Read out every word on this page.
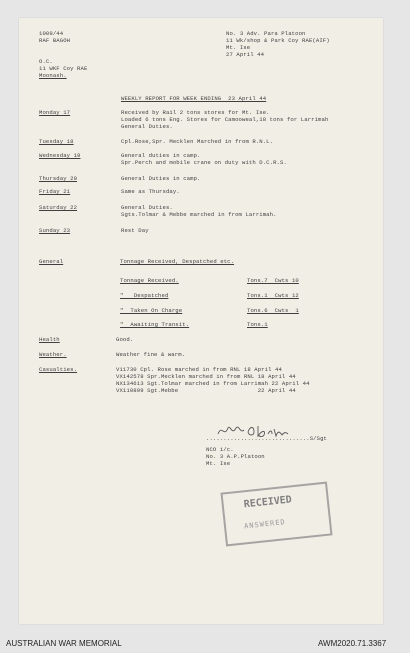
1009/44
RAF BAGOH
O.C.
11 WKF Coy RAE
Moonash.
No. 3 Adv. Para Platoon
11 Wk/shop & Park Coy RAE(AIF)
Mt. Ise
27 April 44
WEEKLY REPORT FOR WEEK ENDING  23 April 44
Monday 17	Received by Rail 2 tons stores for Mt. Ise.
Loaded 6 tons Eng. Stores for Camooweal,18 tons for Larrimah
General Duties.
Tuesday 18	Cpl.Rose,Spr. Mecklen Marched in from R.N.L.
Wednesday 19	General duties in camp.
Spr.Perch and mobile crane on duty with D.C.R.S.
Thursday 20	General Duties in camp.
Friday 21	Same as Thursday.
Saturday 22	General Duties.
Sgts.Tolmar & Mebbe marched in from Larrimah.
Sunday 23	Rest Day
General	Tonnage Received, Despatched etc.
Tonnage Received.	Tons.7  Cwts 10
"   Despatched	Tons.1  Cwts 12
"  Taken On Charge	Tons.6  Cwts  1
"  Awaiting Transit.	Tons.1
Health	Good.
Weather.	Weather fine & warm.
Casualties.	V11730 Cpl. Rose marched in from RNL 18 April 44
VX142578 Spr.Mecklen marched in from RNL 18 April 44
NX134613 Sgt.Tolmar marched in from Larrimah 22 April 44
VX110899 Sgt.Mebbe                       22 April 44
..............................S/Sgt
NCO i/c.
No. 3 A.P.Platoon
Mt. Ise
RECEIVED
ANSWERED
AUSTRALIAN WAR MEMORIAL	AWM2020.71.3367
